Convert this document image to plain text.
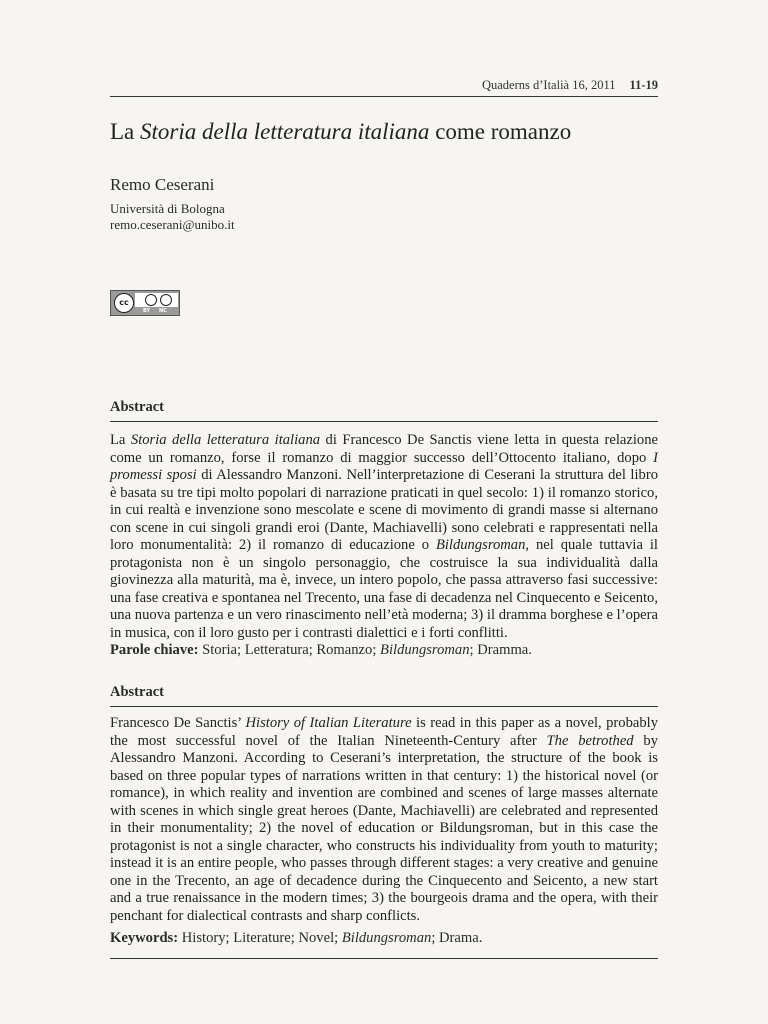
Quaderns d’Italià 16, 2011 11-19
La Storia della letteratura italiana come romanzo
Remo Ceserani
Università di Bologna
remo.ceserani@unibo.it
cc
BY NC
Abstract

La Storia della letteratura italiana di Francesco De Sanctis viene letta in questa relazione come un romanzo, forse il romanzo di maggior successo dell’Ottocento italiano, dopo I promessi sposi di Alessandro Manzoni. Nell’interpretazione di Ceserani la struttura del libro è basata su tre tipi molto popolari di narrazione praticati in quel secolo: 1) il romanzo storico, in cui realtà e invenzione sono mescolate e scene di movimento di grandi masse si alternano con scene in cui singoli grandi eroi (Dante, Machiavelli) sono celebrati e rappresentati nella loro monumentalità: 2) il romanzo di educazione o Bildungsroman, nel quale tuttavia il protagonista non è un singolo personaggio, che costruisce la sua individualità dalla giovinezza alla maturità, ma è, invece, un intero popolo, che passa attraverso fasi successive: una fase creativa e spontanea nel Trecento, una fase di decadenza nel Cinquecento e Seicento, una nuova partenza e un vero rinascimento nell’età moderna; 3) il dramma borghese e l’opera in musica, con il loro gusto per i contrasti dialettici e i forti conflitti.

Parole chiave: Storia; Letteratura; Romanzo; Bildungsroman; Dramma.
Abstract

Francesco De Sanctis’ History of Italian Literature is read in this paper as a novel, probably the most successful novel of the Italian Nineteenth-Century after The betrothed by Alessandro Manzoni. According to Ceserani’s interpretation, the structure of the book is based on three popular types of narrations written in that century: 1) the historical novel (or romance), in which reality and invention are combined and scenes of large masses alternate with scenes in which single great heroes (Dante, Machiavelli) are celebrated and represented in their monumentality; 2) the novel of education or Bildungsroman, but in this case the protagonist is not a single character, who constructs his individuality from youth to maturity; instead it is an entire people, who passes through different stages: a very creative and genuine one in the Trecento, an age of decadence during the Cinquecento and Seicento, a new start and a true renaissance in the modern times; 3) the bourgeois drama and the opera, with their penchant for dialectical contrasts and sharp conflicts.

Keywords: History; Literature; Novel; Bildungsroman; Drama.
